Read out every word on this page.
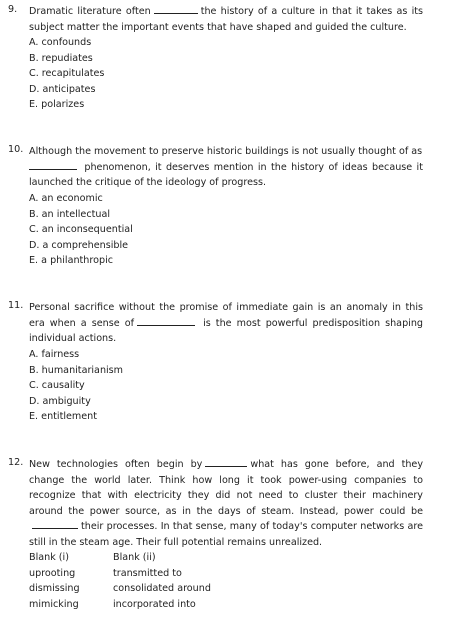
9. Dramatic literature often	the history of a culture in that it takes as its subject matter the important events that have shaped and guided the culture.
A. confounds
B. repudiates
C. recapitulates
D. anticipates
E. polarizes
10. Although the movement to preserve historic buildings is not usually thought of as
phenomenon, it deserves mention in the history of ideas because it launched the critique of the ideology of progress.
A. an economic
B. an intellectual
C. an inconsequential
D. a comprehensible
E. a philanthropic
11. Personal sacrifice without the promise of immediate gain is an anomaly in this era when a sense of	is the most powerful predisposition shaping individual actions.
A. fairness
B. humanitarianism
C. causality
D. ambiguity
E. entitlement
12. New technologies often begin by	what has gone before, and they change the world later. Think how long it took power-using companies to recognize that with electricity they did not need to cluster their machinery around the power source, as in the days of steam. Instead, power could betheir processes. In that sense, many of today's computer networks are still in the steam age. Their full potential remains unrealized.
Blank (i)	Blank (ii)
uprooting	transmitted to
dismissing	consolidated around
mimicking	incorporated into
